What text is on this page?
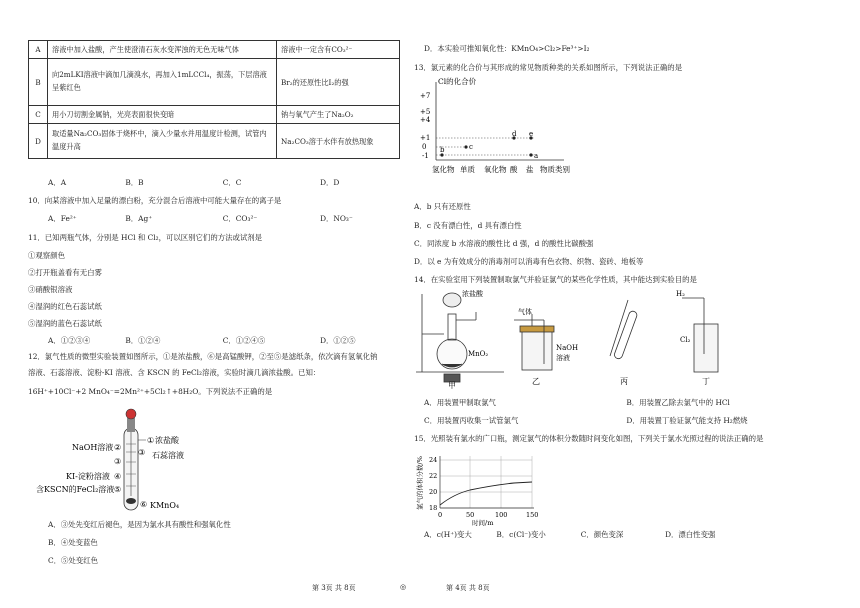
A	溶液中加入盐酸，产生使澄清石灰水变浑浊的无色无味气体	溶液中一定含有CO₃²⁻
B	向2mLKI溶液中滴加几滴溴水，再加入1mLCCl₄，振荡，下层溶液呈紫红色	Br₂的还原性比I₂的强
C	用小刀切割金属钠，光亮表面很快变暗	钠与氧气产生了Na₂O₂
D	取适量Na₂CO₃固体于烧杯中，滴入少量水并用温度计检测，试管内温度升高	Na₂CO₃溶于水伴有放热现象
A．A	B．B	C．C	D．D
10．向某溶液中加入足量的漂白粉，充分混合后溶液中可能大量存在的离子是
A．Fe²⁺	B．Ag⁺	C．CO₃²⁻	D．NO₃⁻
11．已知两瓶气体，分别是 HCl 和 Cl₂，可以区别它们的方法或试剂是
①观察颜色
②打开瓶盖看有无白雾
③硝酸银溶液
④湿润的红色石蕊试纸
⑤湿润的蓝色石蕊试纸
A．①②③④	B．①②④	C．①②④⑤	D．①②⑤
12．氯气性质的微型实验装置如图所示，①是浓盐酸，⑥是高锰酸钾，②至⑤是滤纸条，依次滴有氢氧化钠
溶液、石蕊溶液、淀粉-KI 溶液、含 KSCN 的 FeCl₂溶液，实验时滴几滴浓盐酸。已知：
16H⁺+10Cl⁻+2 MnO₄⁻=2Mn²⁺+5Cl₂↑+8H₂O。下列说法不正确的是
① 浓盐酸
③ 石蕊溶液
⑥ KMnO₄
NaOH溶液 ②
③
KI-淀粉溶液 ④
含KSCN的FeCl₂溶液 ⑤
A．③处先变红后褪色，是因为氯水具有酸性和强氧化性
B．④处变蓝色
C．⑤处变红色
D．本实验可推知氧化性：KMnO₄>Cl₂>Fe³⁺>I₂
13．氯元素的化合价与其形成的常见物质种类的关系如图所示，下列说法正确的是
Cl的化合价
+7
+5
+4
+1
0
-1	a
b	c
d e
氢化物 单质 氧化物 酸 盐 物质类别
A．b 只有还原性
B．c 没有漂白性，d 具有漂白性
C．同浓度 b 水溶液的酸性比 d 强，d 的酸性比碳酸强
D．以 e 为有效成分的消毒剂可以消毒有色衣物、织物、瓷砖、地板等
14．在实验室用下列装置制取氯气并验证氯气的某些化学性质，其中能达到实验目的是
浓盐酸
MnO₂
气体
NaOH
溶液
H₂
Cl₂
甲	乙	丙	丁
A．用装置甲制取氯气	B．用装置乙除去氯气中的 HCl
C．用装置丙收集一试管氯气	D．用装置丁验证氯气能支持 H₂燃烧
15．光照装有氯水的广口瓶，测定氯气的体积分数随时间变化如图，下列关于氯水光照过程的说法正确的是
氯气的体积分数/% 18
20
22
24
0	50	100	150
时间/m
A．c(H⁺)变大	B．c(Cl⁻)变小	C．颜色变深	D．漂白性变强
第 3页 共 8页	◎	第 4页 共 8页
